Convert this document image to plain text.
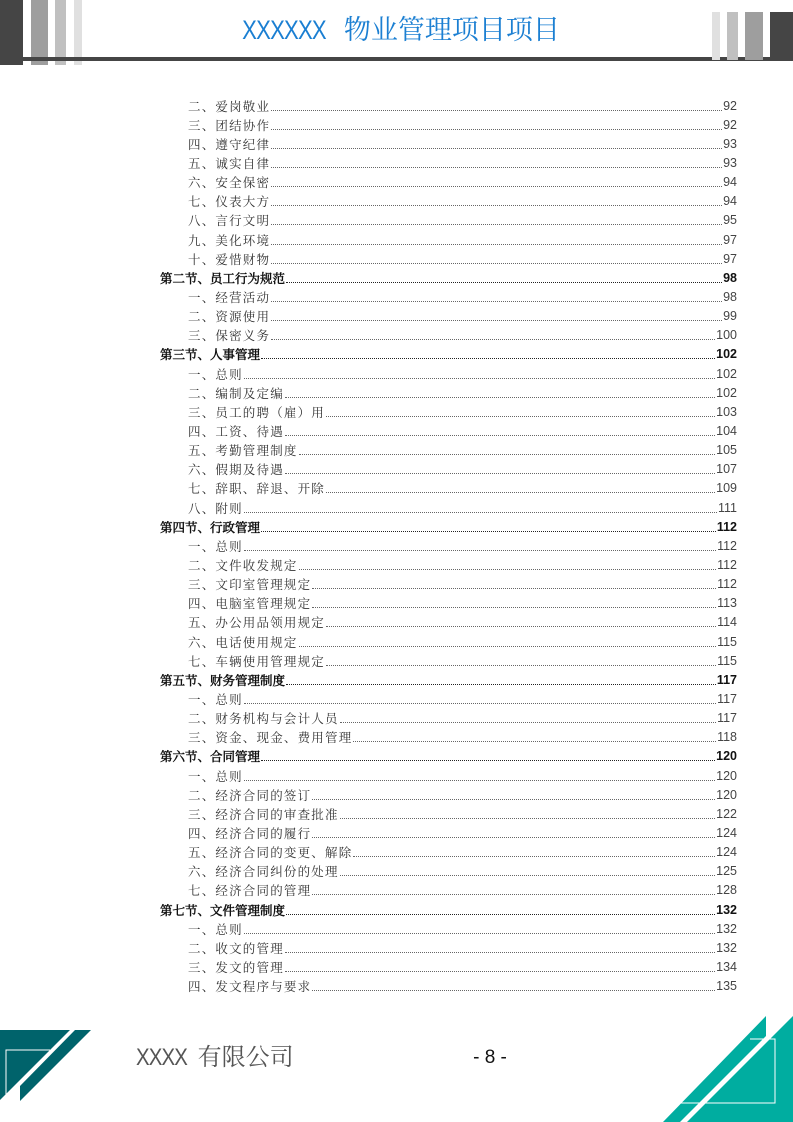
XXXXXX 物业管理项目项目
二、爱岗敬业	92
三、团结协作	92
四、遵守纪律	93
五、诚实自律	93
六、安全保密	94
七、仪表大方	94
八、言行文明	95
九、美化环境	97
十、爱惜财物	97
第二节、员工行为规范	98
一、经营活动	98
二、资源使用	99
三、保密义务	100
第三节、人事管理	102
一、总则	102
二、编制及定编	102
三、员工的聘（雇）用	103
四、工资、待遇	104
五、考勤管理制度	105
六、假期及待遇	107
七、辞职、辞退、开除	109
八、附则	111
第四节、行政管理	112
一、总则	112
二、文件收发规定	112
三、文印室管理规定	112
四、电脑室管理规定	113
五、办公用品领用规定	114
六、电话使用规定	115
七、车辆使用管理规定	115
第五节、财务管理制度	117
一、总则	117
二、财务机构与会计人员	117
三、资金、现金、费用管理	118
第六节、合同管理	120
一、总则	120
二、经济合同的签订	120
三、经济合同的审查批准	122
四、经济合同的履行	124
五、经济合同的变更、解除	124
六、经济合同纠份的处理	125
七、经济合同的管理	128
第七节、文件管理制度	132
一、总则	132
二、收文的管理	132
三、发文的管理	134
四、发文程序与要求	135
XXXX 有限公司	- 8 -
